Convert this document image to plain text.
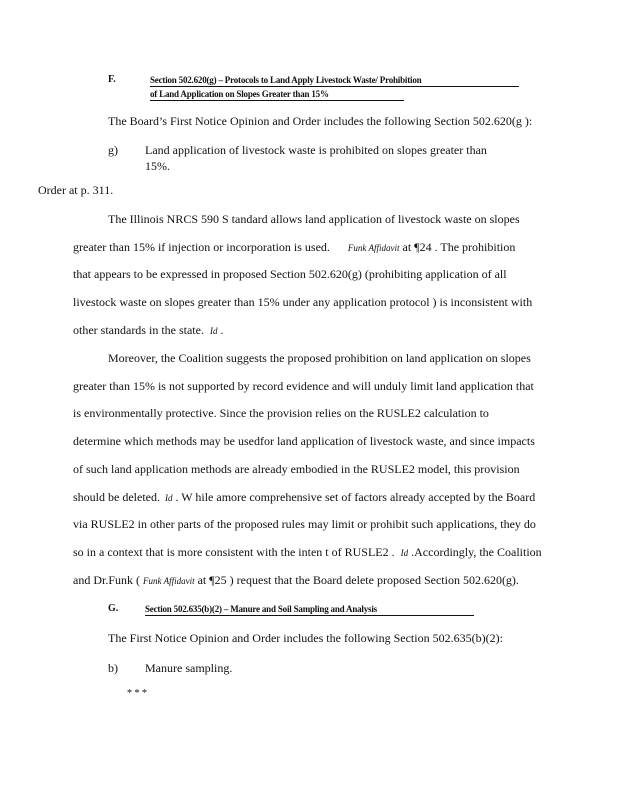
F.	Section 502.620(g) – Protocols to Land Apply Livestock Waste/ Prohibition
of Land Application on Slopes Greater than 15%
The Board’s First Notice Opinion and Order includes the following Section 502.620(g ):
g) Land application of livestock waste is prohibited on slopes greater than
15%.
Order at p. 311.
The Illinois NRCS 590 S tandard allows land application of livestock waste on slopes
greater than 15% if injection or incorporation is used. Funk Affidavit at ¶24 . The prohibition
that appears to be expressed in proposed Section 502.620(g) (prohibiting application of all
livestock waste on slopes greater than 15% under any application protocol ) is inconsistent with
other standards in the state. Id .
Moreover, the Coalition suggests the proposed prohibition on land application on slopes
greater than 15% is not supported by record evidence and will unduly limit land application that
is environmentally protective. Since the provision relies on the RUSLE2 calculation to
determine which methods may be usedfor land application of livestock waste, and since impacts
of such land application methods are already embodied in the RUSLE2 model, this provision
should be deleted. Id . W hile amore comprehensive set of factors already accepted by the Board
via RUSLE2 in other parts of the proposed rules may limit or prohibit such applications, they do
so in a context that is more consistent with the inten t of RUSLE2 . Id .Accordingly, the Coalition
and Dr.Funk ( Funk Affidavit at ¶25 ) request that the Board delete proposed Section 502.620(g).
G.	Section 502.635(b)(2) – Manure and Soil Sampling and Analysis
The First Notice Opinion and Order includes the following Section 502.635(b)(2):
b) Manure sampling.
* * *
